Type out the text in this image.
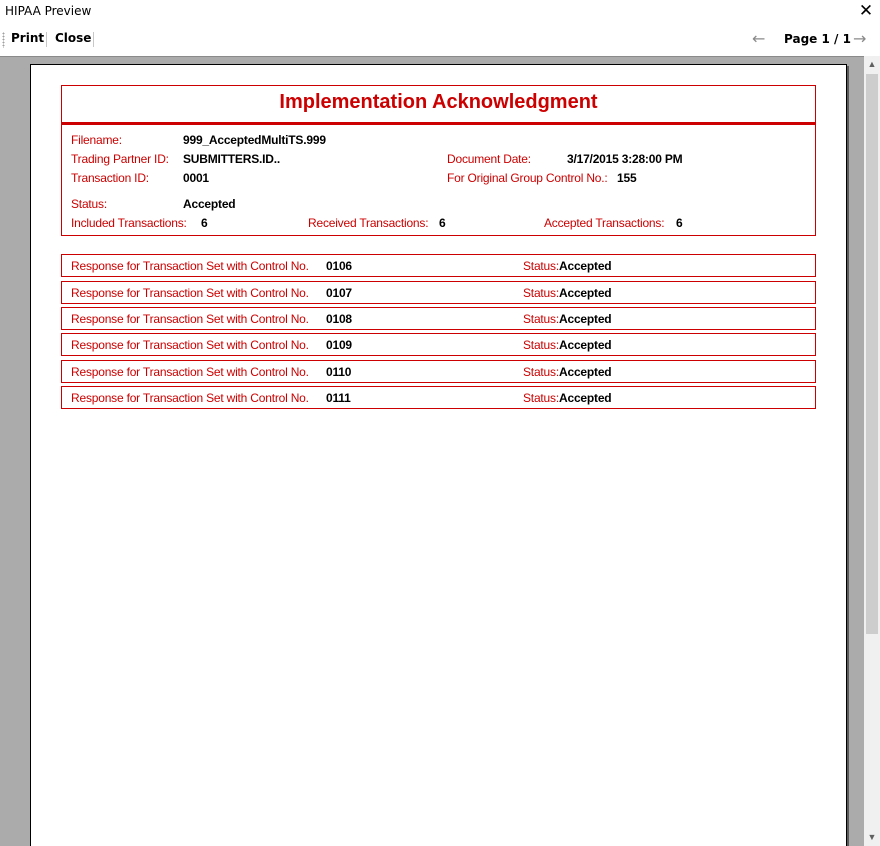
HIPAA Preview	✕
Print Close	← Page 1 / 1 →
Implementation Acknowledgment
Filename:	999_AcceptedMultiTS.999
Trading Partner ID: SUBMITTERS.ID..	Document Date:	3/17/2015 3:28:00 PM
Transaction ID:	0001	For Original Group Control No.: 155
Status:	Accepted
Included Transactions: 6	Received Transactions: 6	Accepted Transactions: 6
Response for Transaction Set with Control No. 0106	Status: Accepted
Response for Transaction Set with Control No. 0107	Status: Accepted
Response for Transaction Set with Control No. 0108	Status: Accepted
Response for Transaction Set with Control No. 0109	Status: Accepted
Response for Transaction Set with Control No. 0110	Status: Accepted
Response for Transaction Set with Control No. 0111	Status: Accepted
▲
▼
